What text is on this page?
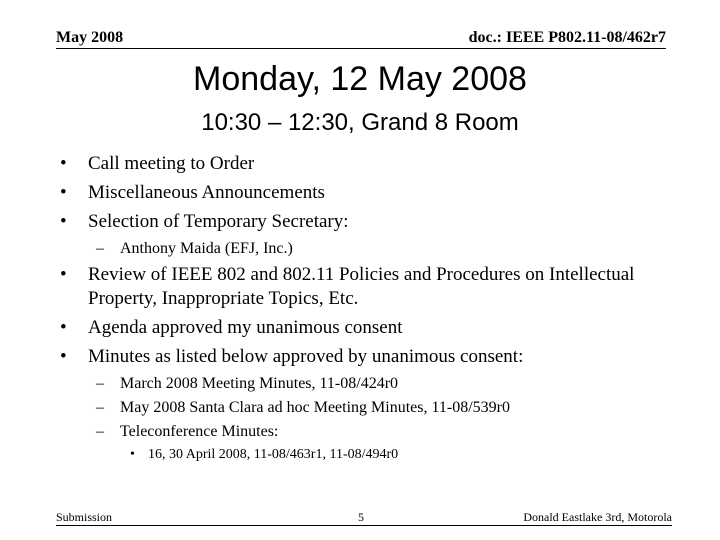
May 2008	doc.: IEEE P802.11-08/462r7
Monday, 12 May 2008
10:30 – 12:30, Grand 8 Room
• Call meeting to Order
• Miscellaneous Announcements
• Selection of Temporary Secretary:
– Anthony Maida (EFJ, Inc.)
• Review of IEEE 802 and 802.11 Policies and Procedures on Intellectual Property, Inappropriate Topics, Etc.
• Agenda approved my unanimous consent
• Minutes as listed below approved by unanimous consent:
– March 2008 Meeting Minutes, 11-08/424r0
– May 2008 Santa Clara ad hoc Meeting Minutes, 11-08/539r0
– Teleconference Minutes:
• 16, 30 April 2008, 11-08/463r1, 11-08/494r0
Submission	5	Donald Eastlake 3rd, Motorola
